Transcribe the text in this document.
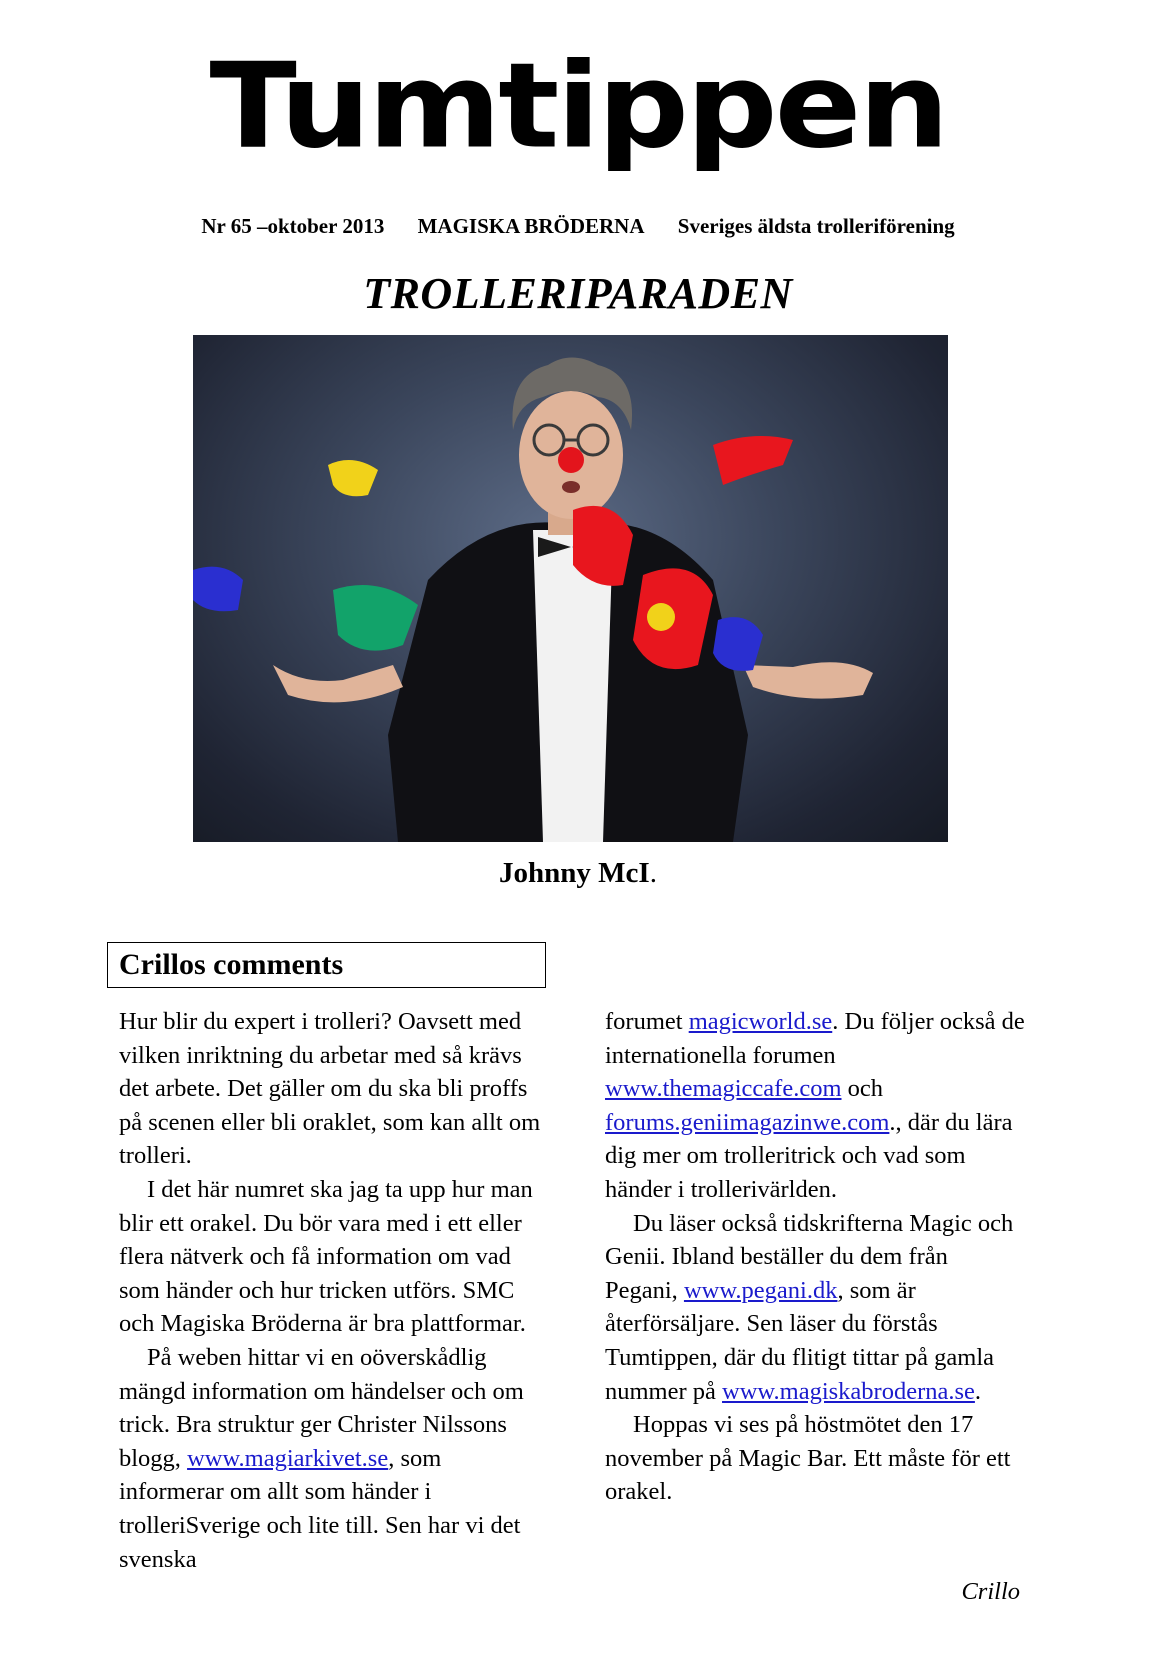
Tumtippen
Nr 65 –oktober 2013 MAGISKA BRÖDERNA Sveriges äldsta trolleriförening
TROLLERIPARADEN
Johnny McI.
Crillos comments

Hur blir du expert i trolleri? Oavsett med vilken inriktning du arbetar med så krävs det arbete. Det gäller om du ska bli proffs på scenen eller bli oraklet, som kan allt om trolleri.

I det här numret ska jag ta upp hur man blir ett orakel. Du bör vara med i ett eller flera nätverk och få information om vad som händer och hur tricken utförs. SMC och Magiska Bröderna är bra plattformar.

På weben hittar vi en oöverskådlig mängd information om händelser och om trick. Bra struktur ger Christer Nilssons blogg, www.magiarkivet.se, som informerar om allt som händer i trolleriSverige och lite till. Sen har vi det svenska

forumet magicworld.se. Du följer också de internationella forumen www.themagiccafe.com och forums.geniimagazinwe.com., där du lära dig mer om trolleritrick och vad som händer i trollerivärlden.

Du läser också tidskrifterna Magic och Genii. Ibland beställer du dem från Pegani, www.pegani.dk, som är återförsäljare. Sen läser du förstås Tumtippen, där du flitigt tittar på gamla nummer på www.magiskabroderna.se.

Hoppas vi ses på höstmötet den 17 november på Magic Bar. Ett måste för ett orakel.

Crillo
